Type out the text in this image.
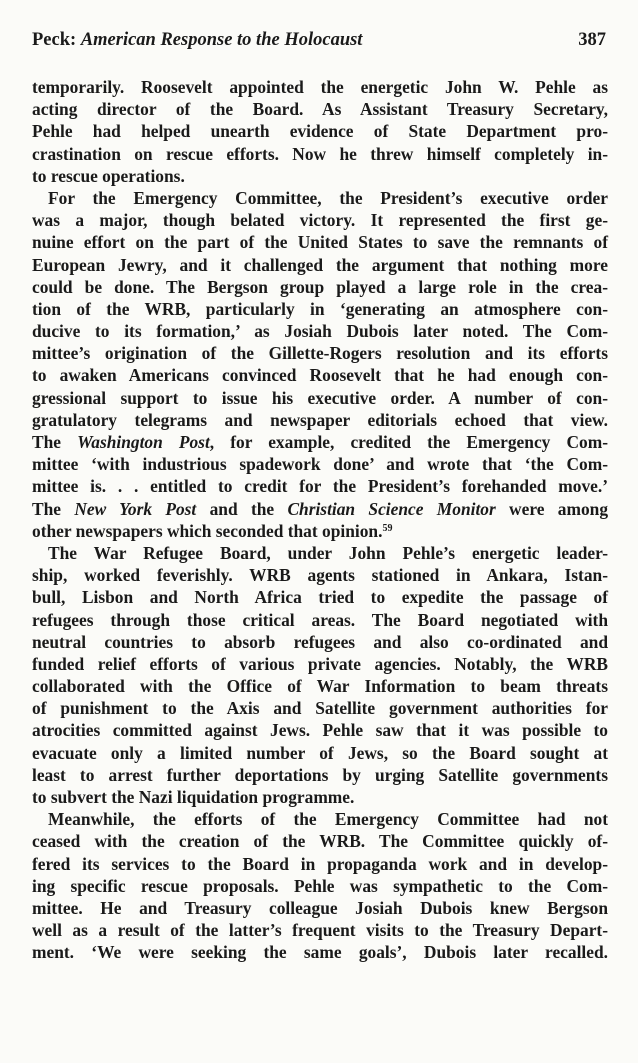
Peck: American Response to the Holocaust	387
temporarily. Roosevelt appointed the energetic John W. Pehle as
acting director of the Board. As Assistant Treasury Secretary,
Pehle had helped unearth evidence of State Department pro-
crastination on rescue efforts. Now he threw himself completely in-
to rescue operations.
For the Emergency Committee, the President’s executive order
was a major, though belated victory. It represented the first ge-
nuine effort on the part of the United States to save the remnants of
European Jewry, and it challenged the argument that nothing more
could be done. The Bergson group played a large role in the crea-
tion of the WRB, particularly in ‘generating an atmosphere con-
ducive to its formation,’ as Josiah Dubois later noted. The Com-
mittee’s origination of the Gillette-Rogers resolution and its efforts
to awaken Americans convinced Roosevelt that he had enough con-
gressional support to issue his executive order. A number of con-
gratulatory telegrams and newspaper editorials echoed that view.
The Washington Post, for example, credited the Emergency Com-
mittee ‘with industrious spadework done’ and wrote that ‘the Com-
mittee is. . . entitled to credit for the President’s forehanded move.’
The New York Post and the Christian Science Monitor were among
other newspapers which seconded that opinion.$^{59}$
The War Refugee Board, under John Pehle’s energetic leader-
ship, worked feverishly. WRB agents stationed in Ankara, Istan-
bull, Lisbon and North Africa tried to expedite the passage of
refugees through those critical areas. The Board negotiated with
neutral countries to absorb refugees and also co-ordinated and
funded relief efforts of various private agencies. Notably, the WRB
collaborated with the Office of War Information to beam threats
of punishment to the Axis and Satellite government authorities for
atrocities committed against Jews. Pehle saw that it was possible to
evacuate only a limited number of Jews, so the Board sought at
least to arrest further deportations by urging Satellite governments
to subvert the Nazi liquidation programme.
Meanwhile, the efforts of the Emergency Committee had not
ceased with the creation of the WRB. The Committee quickly of-
fered its services to the Board in propaganda work and in develop-
ing specific rescue proposals. Pehle was sympathetic to the Com-
mittee. He and Treasury colleague Josiah Dubois knew Bergson
well as a result of the latter’s frequent visits to the Treasury Depart-
ment. ‘We were seeking the same goals’, Dubois later recalled.
